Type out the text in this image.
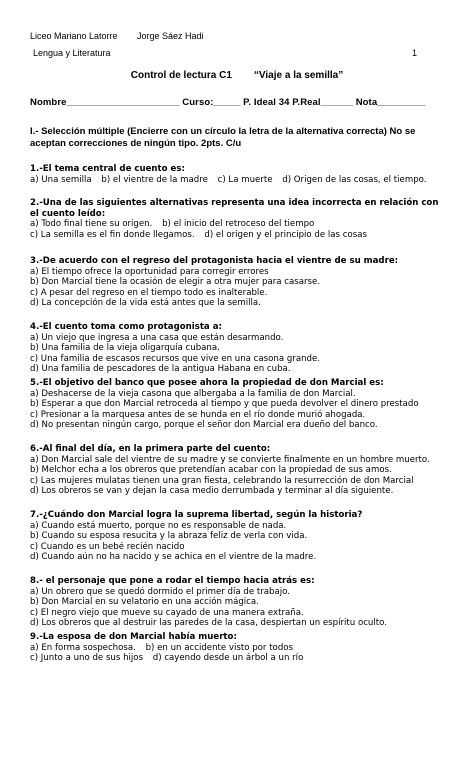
Liceo Mariano Latorre Jorge Sáez Hadi
Lengua y Literatura	1
Control de lectura C1 “Viaje a la semilla”
Nombre_____________________ Curso:_____ P. Ideal 34 P.Real______ Nota_________
I.- Selección múltiple (Encierre con un círculo la letra de la alternativa correcta) No se aceptan correcciones de ningún tipo. 2pts. C/u
1.-El tema central de cuento es:
a) Una semilla b) el vientre de la madre c) La muerte d) Origen de las cosas, el tiempo.
2.-Una de las siguientes alternativas representa una idea incorrecta en relación con el cuento leído:
a) Todo final tiene su origen. b) el inicio del retroceso del tiempo
c) La semilla es el fin donde llegamos. d) el origen y el principio de las cosas
3.-De acuerdo con el regreso del protagonista hacia el vientre de su madre:
a) El tiempo ofrece la oportunidad para corregir errores
b) Don Marcial tiene la ocasión de elegir a otra mujer para casarse.
c) A pesar del regreso en el tiempo todo es inalterable.
d) La concepción de la vida está antes que la semilla.
4.-El cuento toma como protagonista a:
a) Un viejo que ingresa a una casa que están desarmando.
b) Una familia de la vieja oligarquía cubana.
c) Una familia de escasos recursos que vive en una casona grande.
d) Una familia de pescadores de la antigua Habana en cuba.
5.-El objetivo del banco que posee ahora la propiedad de don Marcial es:
a) Deshacerse de la vieja casona que albergaba a la familia de don Marcial.
b) Esperar a que don Marcial retroceda al tiempo y que pueda devolver el dinero prestado
c) Presionar a la marquesa antes de se hunda en el río donde murió ahogada.
d) No presentan ningún cargo, porque el señor don Marcial era dueño del banco.
6.-Al final del día, en la primera parte del cuento:
a) Don Marcial sale del vientre de su madre y se convierte finalmente en un hombre muerto.
b) Melchor echa a los obreros que pretendían acabar con la propiedad de sus amos.
c) Las mujeres mulatas tienen una gran fiesta, celebrando la resurrección de don Marcial
d) Los obreros se van y dejan la casa medio derrumbada y terminar al día siguiente.
7.-¿Cuándo don Marcial logra la suprema libertad, según la historia?
a) Cuando está muerto, porque no es responsable de nada.
b) Cuando su esposa resucita y la abraza feliz de verla con vida.
c) Cuando es un bebé recién nacido
d) Cuando aún no ha nacido y se achica en el vientre de la madre.
8.- el personaje que pone a rodar el tiempo hacia atrás es:
a) Un obrero que se quedó dormido el primer día de trabajo.
b) Don Marcial en su velatorio en una acción mágica.
c) El negro viejo que mueve su cayado de una manera extraña.
d) Los obreros que al destruir las paredes de la casa, despiertan un espíritu oculto.
9.-La esposa de don Marcial había muerto:
a) En forma sospechosa. b) en un accidente visto por todos
c) Junto a uno de sus hijos d) cayendo desde un árbol a un río
